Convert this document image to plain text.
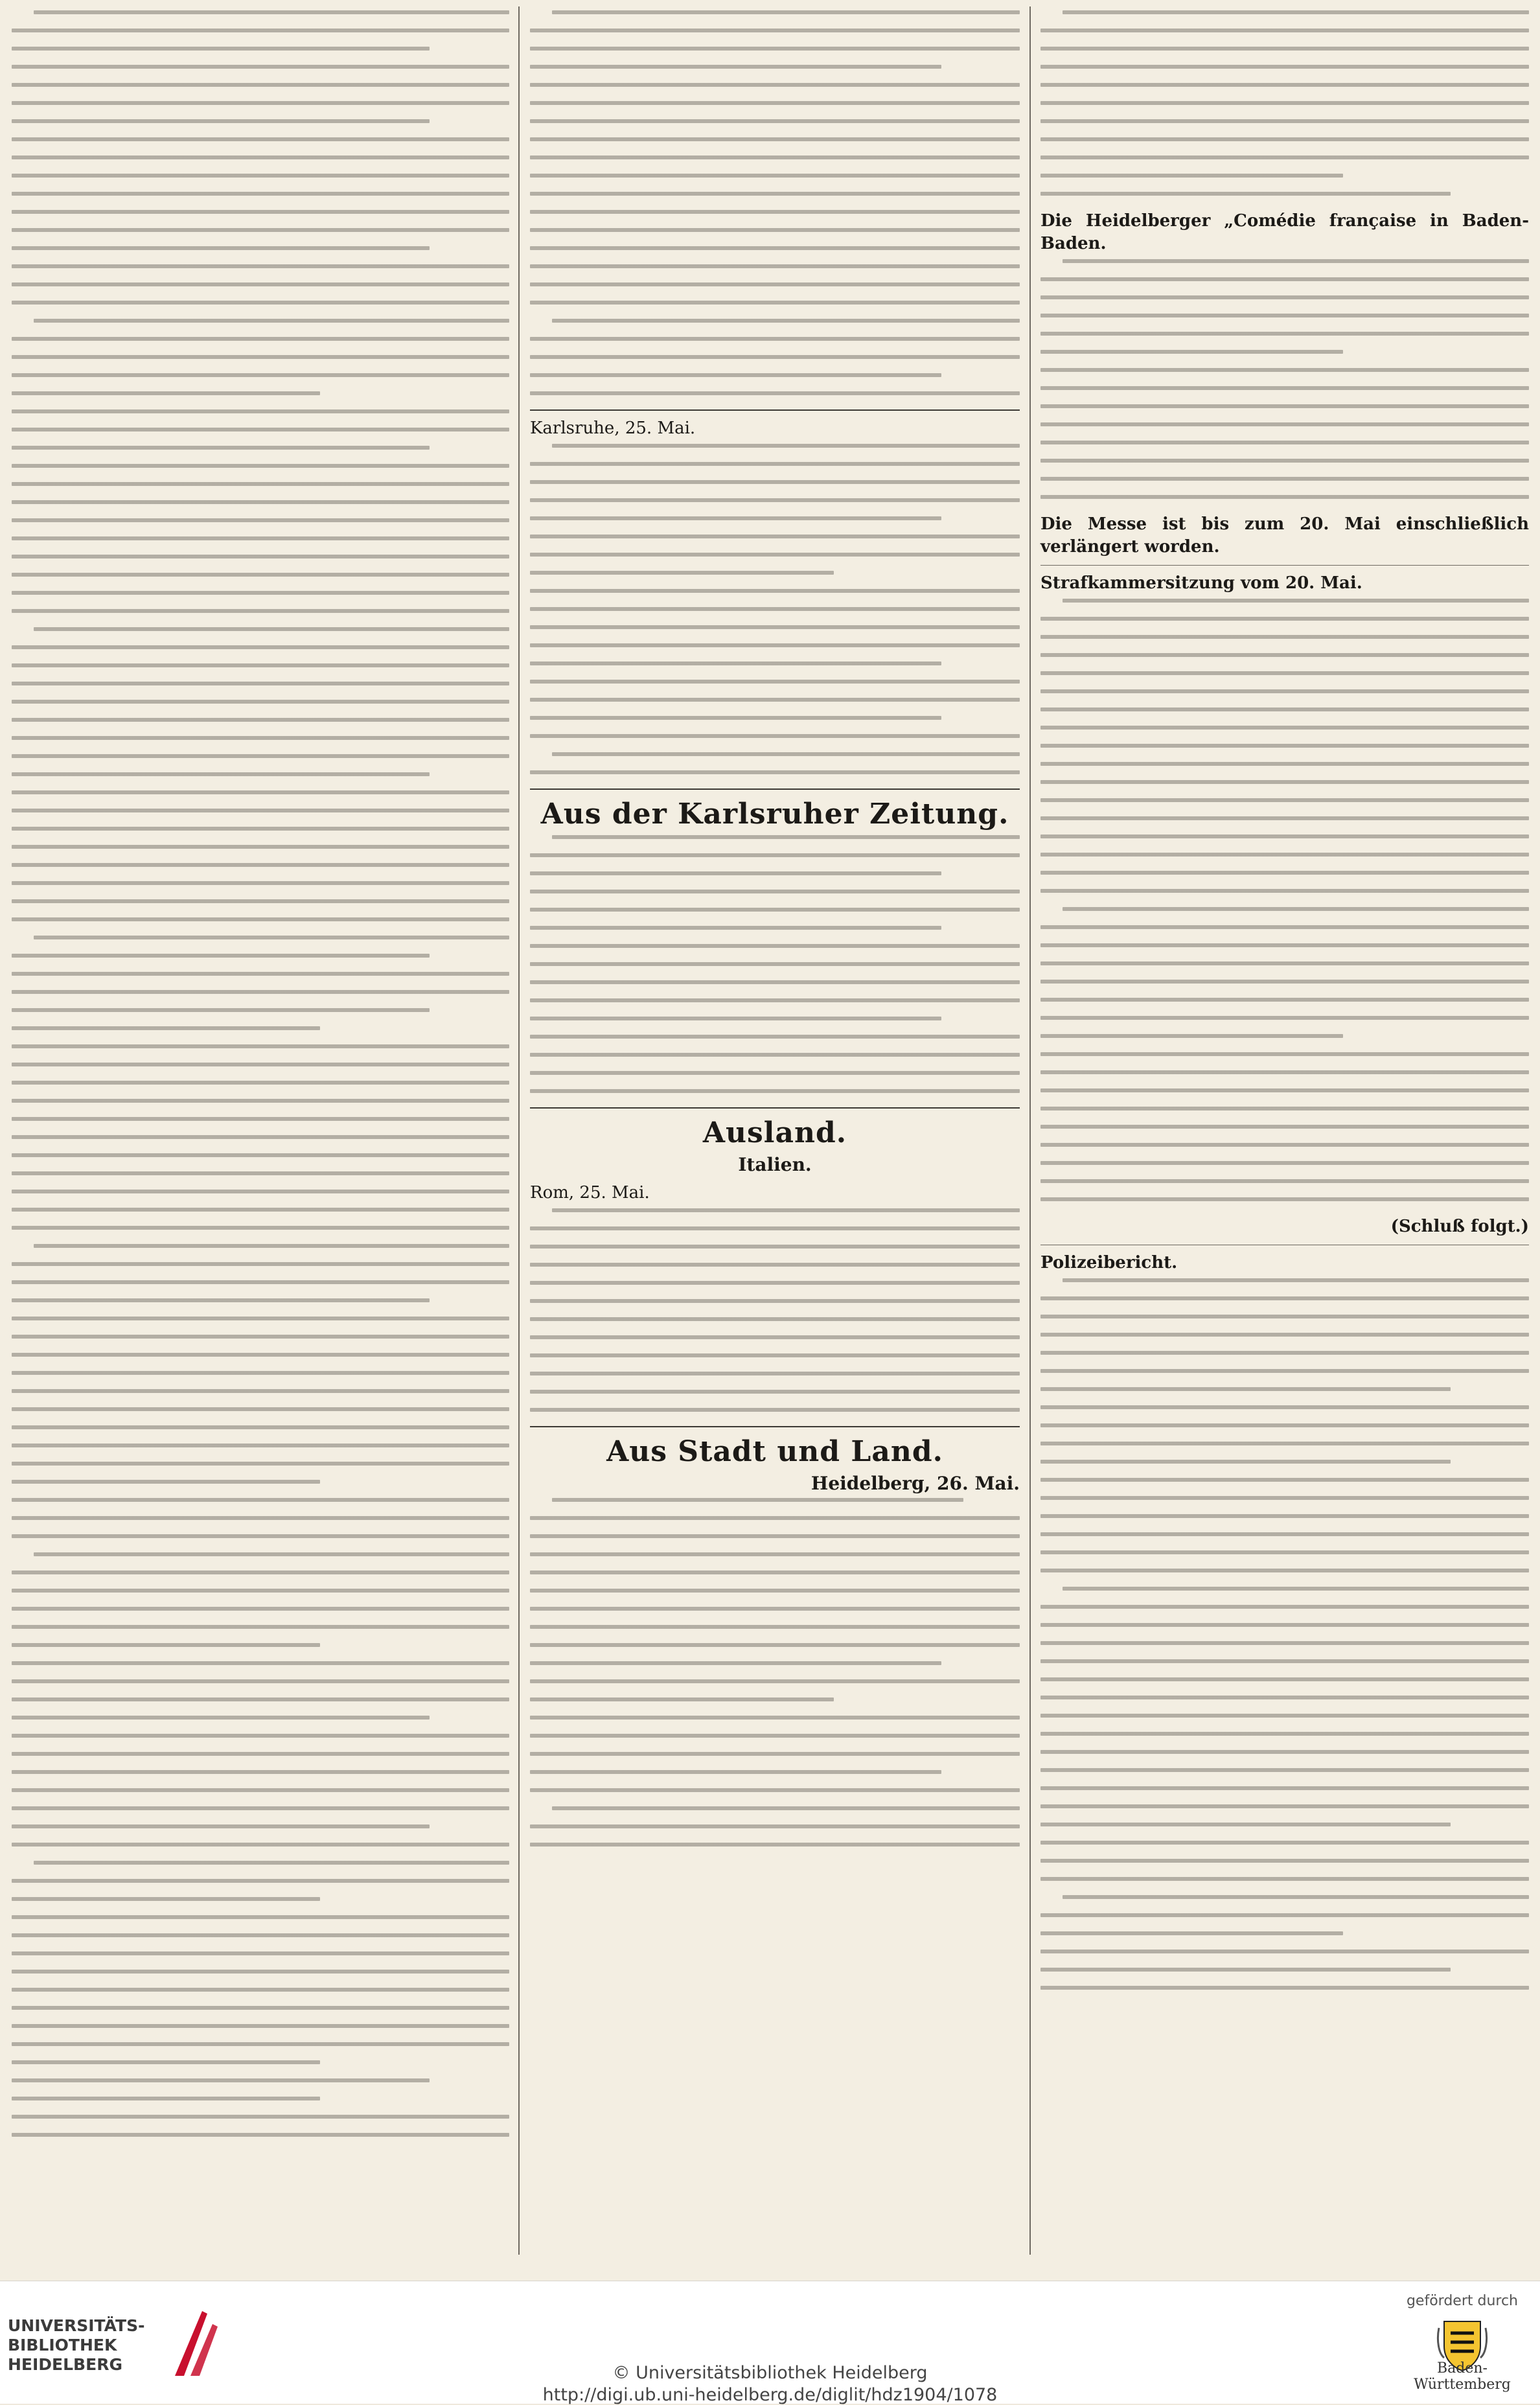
Karlsruhe, 25. Mai.
Aus der Karlsruher Zeitung.
Ausland.
Italien.
Rom, 25. Mai.
Aus Stadt und Land.
Heidelberg, 26. Mai.
Die Heidelberger „Comédie française in Baden-Baden.
Die Messe ist bis zum 20. Mai einschließlich verlängert worden.
Strafkammersitzung vom 20. Mai.
(Schluß folgt.)
Polizeibericht.
UNIVERSITÄTS-
BIBLIOTHEK
HEIDELBERG	© Universitätsbibliothek Heidelberg
http://digi.ub.uni-heidelberg.de/diglit/hdz1904/1078
gefördert durch
Baden-Württemberg
